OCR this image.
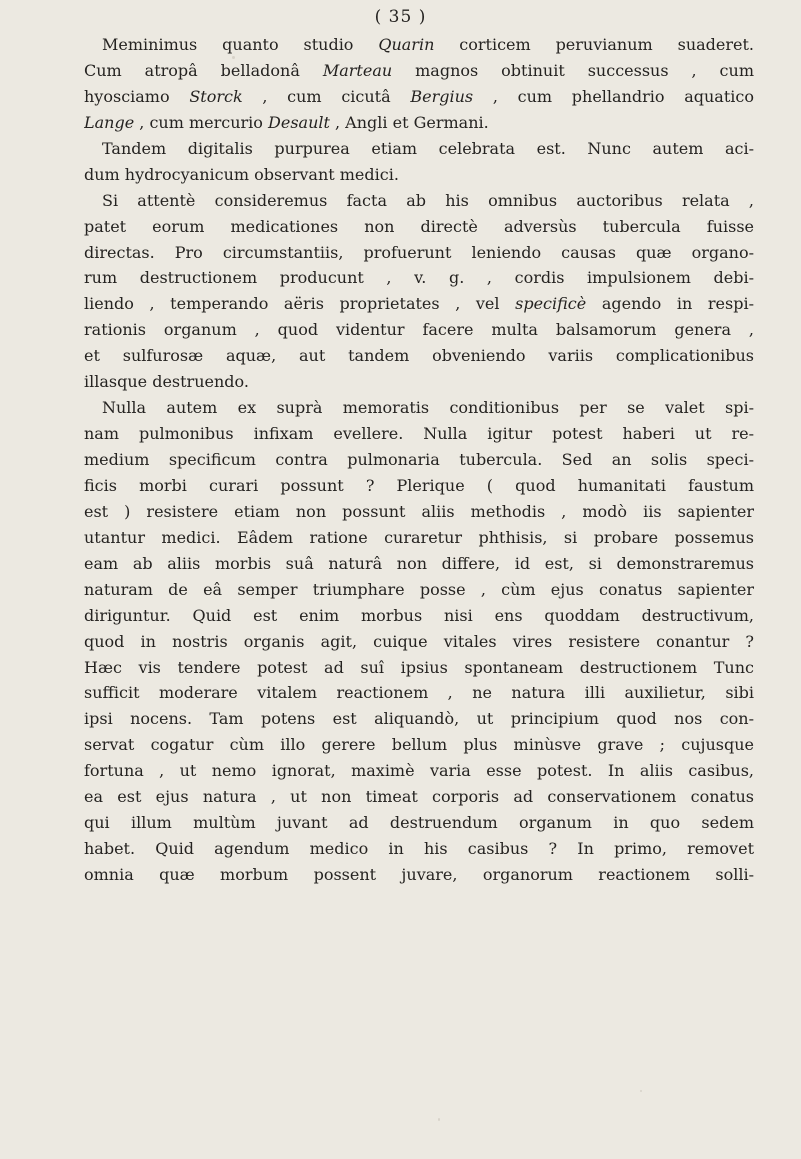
( 35 )
Meminimus quanto studio Quarin corticem peruvianum suaderet.
Cum atropâ belladonâ Marteau magnos obtinuit successus , cum
hyosciamo Storck , cum cicutâ Bergius , cum phellandrio aquatico
Lange , cum mercurio Desault , Angli et Germani.
Tandem digitalis purpurea etiam celebrata est. Nunc autem aci-
dum hydrocyanicum observant medici.
Si attentè consideremus facta ab his omnibus auctoribus relata ,
patet eorum medicationes non directè adversùs tubercula fuisse
directas. Pro circumstantiis, profuerunt leniendo causas quæ organo-
rum destructionem producunt , v. g. , cordis impulsionem debi-
liendo , temperando aëris proprietates , vel specificè agendo in respi-
rationis organum , quod videntur facere multa balsamorum genera ,
et sulfurosæ aquæ, aut tandem obveniendo variis complicationibus
illasque destruendo.
Nulla autem ex suprà memoratis conditionibus per se valet spi-
nam pulmonibus infixam evellere. Nulla igitur potest haberi ut re-
medium specificum contra pulmonaria tubercula. Sed an solis speci-
ficis morbi curari possunt ? Plerique ( quod humanitati faustum
est ) resistere etiam non possunt aliis methodis , modò iis sapienter
utantur medici. Eâdem ratione curaretur phthisis, si probare possemus
eam ab aliis morbis suâ naturâ non differe, id est, si demonstraremus
naturam de eâ semper triumphare posse , cùm ejus conatus sapienter
diriguntur. Quid est enim morbus nisi ens quoddam destructivum,
quod in nostris organis agit, cuique vitales vires resistere conantur ?
Hæc vis tendere potest ad suî ipsius spontaneam destructionem Tunc
sufficit moderare vitalem reactionem , ne natura illi auxilietur, sibi
ipsi nocens. Tam potens est aliquandò, ut principium quod nos con-
servat cogatur cùm illo gerere bellum plus minùsve grave ; cujusque
fortuna , ut nemo ignorat, maximè varia esse potest. In aliis casibus,
ea est ejus natura , ut non timeat corporis ad conservationem conatus
qui illum multùm juvant ad destruendum organum in quo sedem
habet. Quid agendum medico in his casibus ? In primo, removet
omnia quæ morbum possent juvare, organorum reactionem solli-
